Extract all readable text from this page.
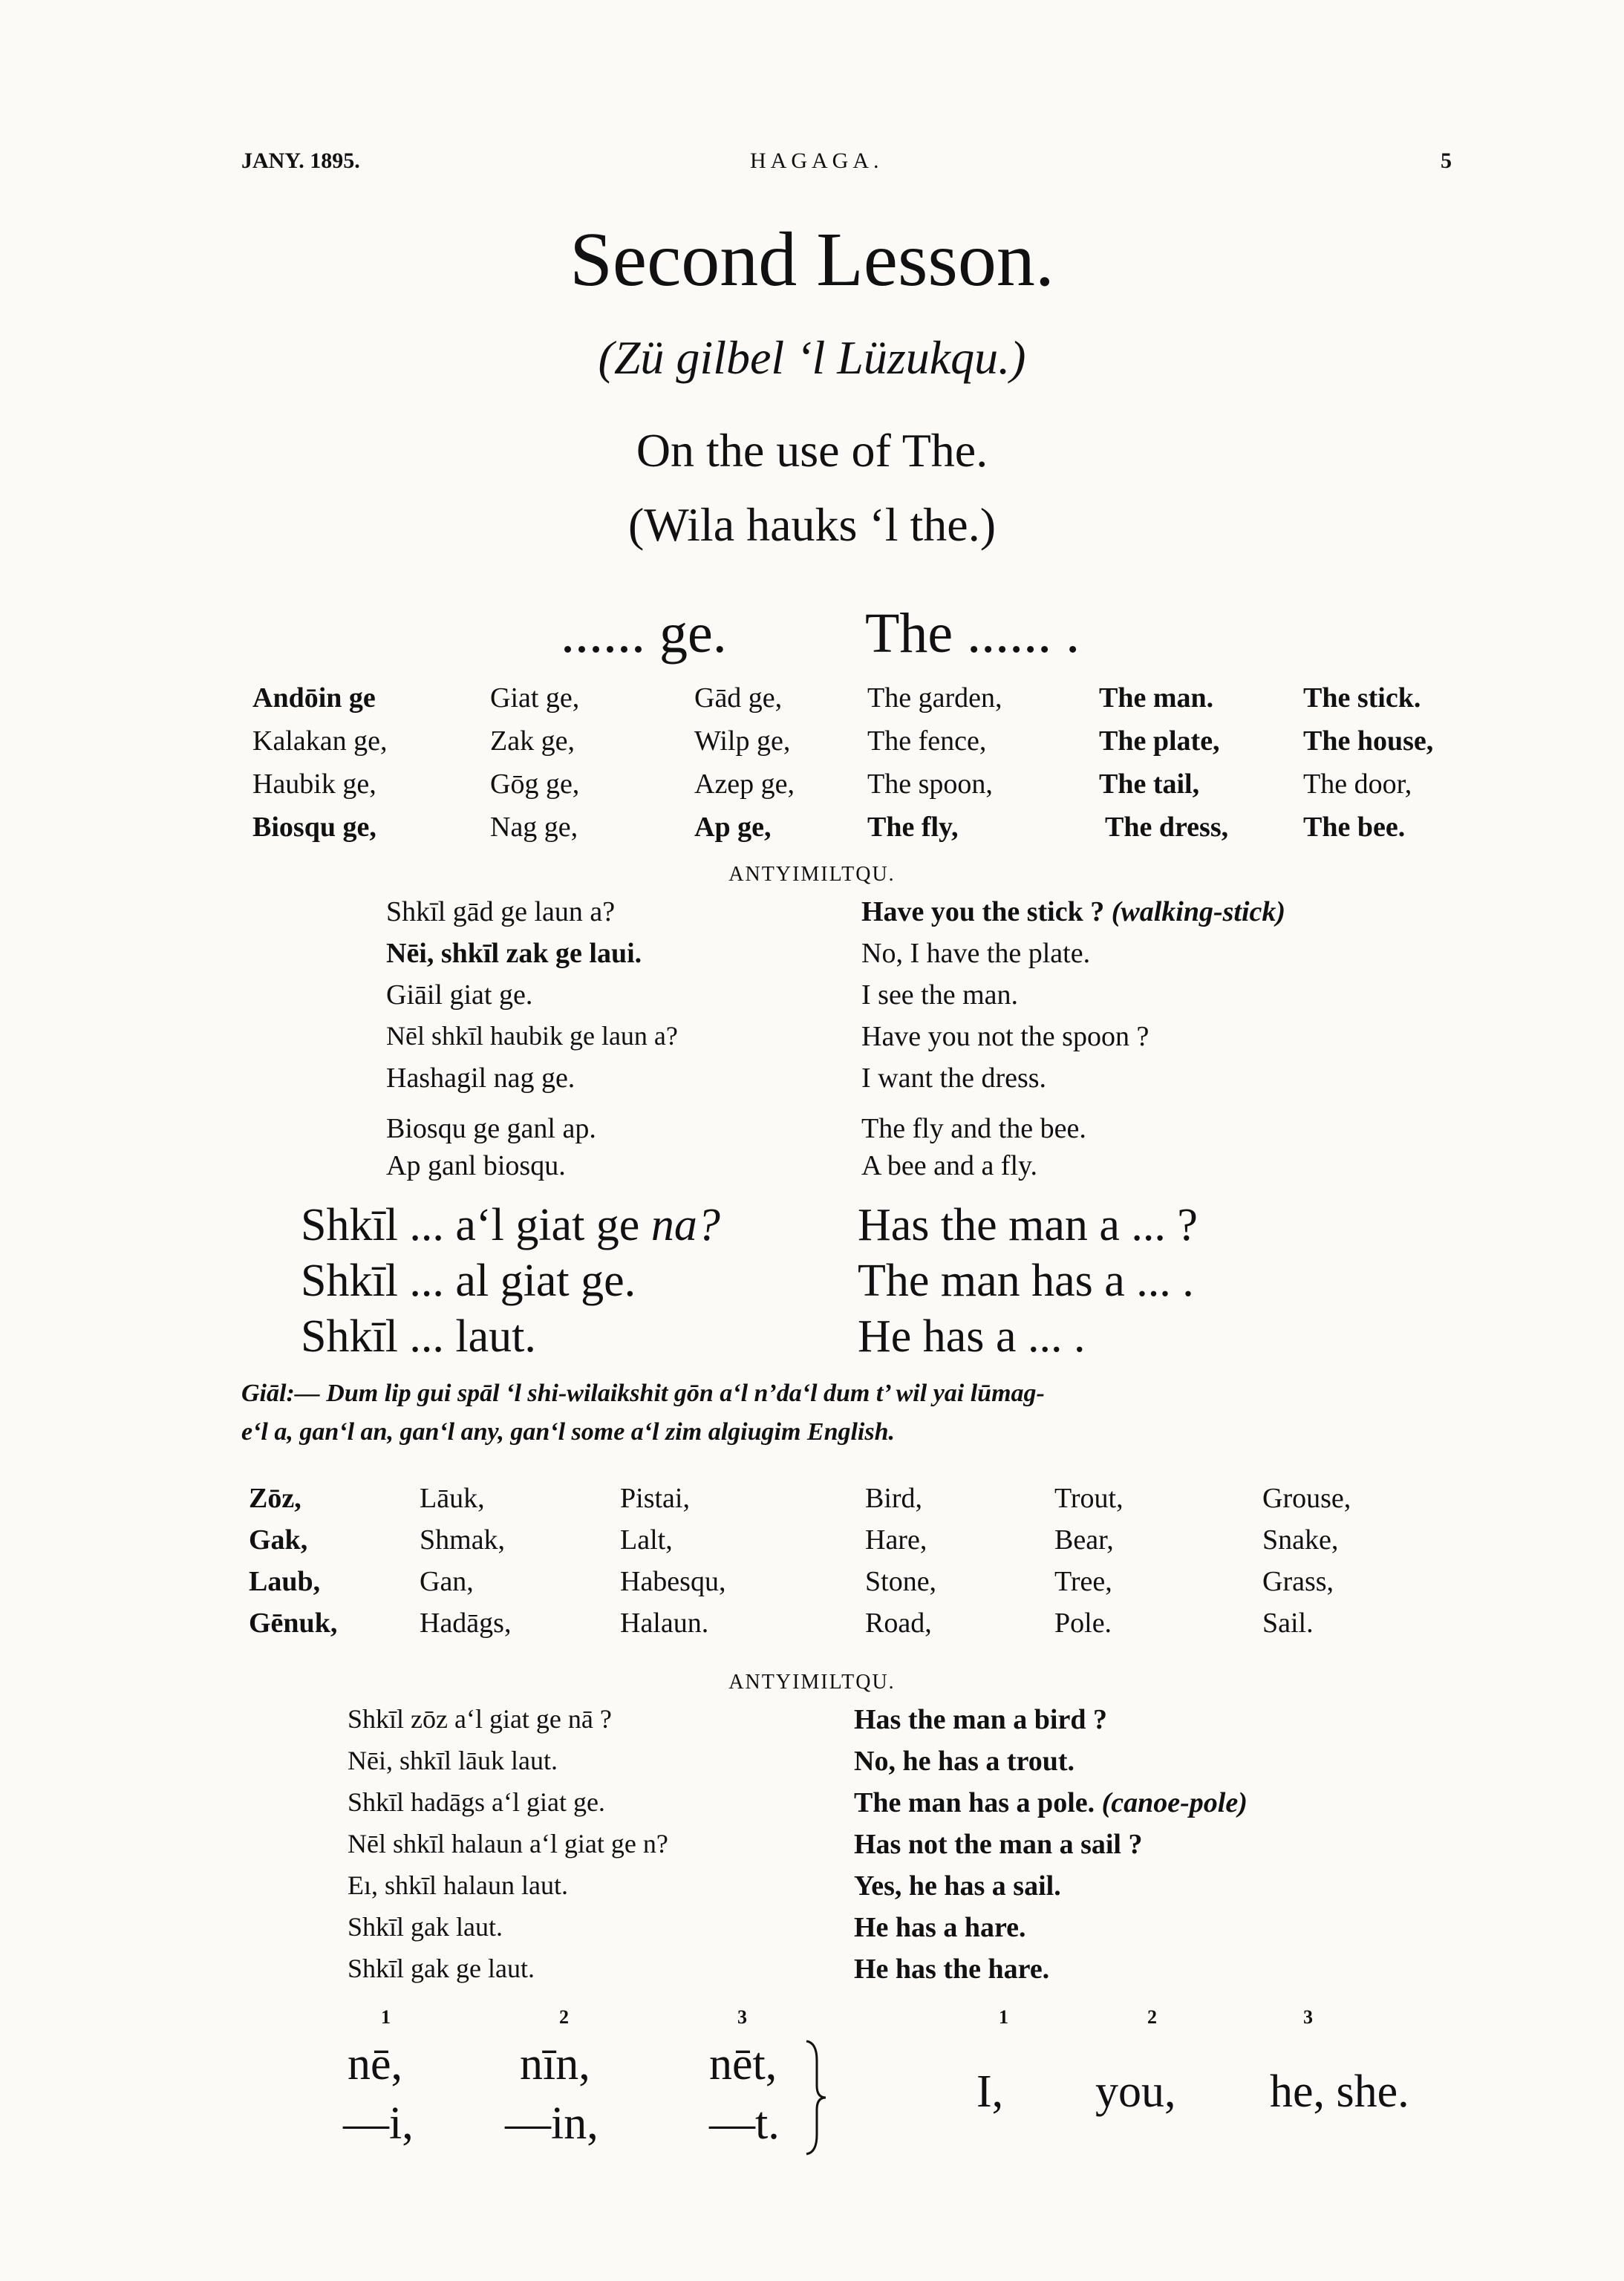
JANY. 1895.	HAGAGA.	5
Second Lesson.
(Zü gilbel ‘l Lüzukqu.)
On the use of The.
(Wila hauks ‘l the.)
...... ge. The ...... .
Andōin ge	Giat ge,	Gād ge,	The garden,	The man.	The stick.
Kalakan ge,	Zak ge,	Wilp ge,	The fence,	The plate,	The house,
Haubik ge,	Gōg ge,	Azep ge,	The spoon,	The tail,	The door,
Biosqu ge,	Nag ge,	Ap ge,	The fly,	The dress,	The bee.
ANTYIMILTQU.
Shkīl gād ge laun a?	Have you the stick ? (walking-stick)
Nēi, shkīl zak ge laui.	No, I have the plate.
Giāil giat ge.	I see the man.
Nēl shkīl haubik ge laun a?	Have you not the spoon ?
Hashagil nag ge.	I want the dress.
Biosqu ge ganl ap.	The fly and the bee.
Ap ganl biosqu.	A bee and a fly.
Shkīl ... a‘l giat ge na?	Has the man a ... ?
Shkīl ... al giat ge.	The man has a ... .
Shkīl ... laut.	He has a ... .
Giāl:— Dum lip gui spāl ‘l shi-wilaikshit gōn a‘l n’da‘l dum t’ wil yai lūmag-
e‘l a, gan‘l an, gan‘l any, gan‘l some a‘l zim algiugim English.
Zōz,	Lāuk,	Pistai,	Bird,	Trout,	Grouse,
Gak,	Shmak,	Lalt,	Hare,	Bear,	Snake,
Laub,	Gan,	Habesqu,	Stone,	Tree,	Grass,
Gēnuk,	Hadāgs,	Halaun.	Road,	Pole.	Sail.
ANTYIMILTQU.
Shkīl zōz a‘l giat ge nā ?	Has the man a bird ?
Nēi, shkīl lāuk laut.	No, he has a trout.
Shkīl hadāgs a‘l giat ge.	The man has a pole. (canoe-pole)
Nēl shkīl halaun a‘l giat ge n?	Has not the man a sail ?
Eı, shkīl halaun laut.	Yes, he has a sail.
Shkīl gak laut.	He has a hare.
Shkīl gak ge laut.	He has the hare.
1	2	3	1	2	3
nē,	nīn,	nēt,
—i, —in, —t.
I, you, he, she.
